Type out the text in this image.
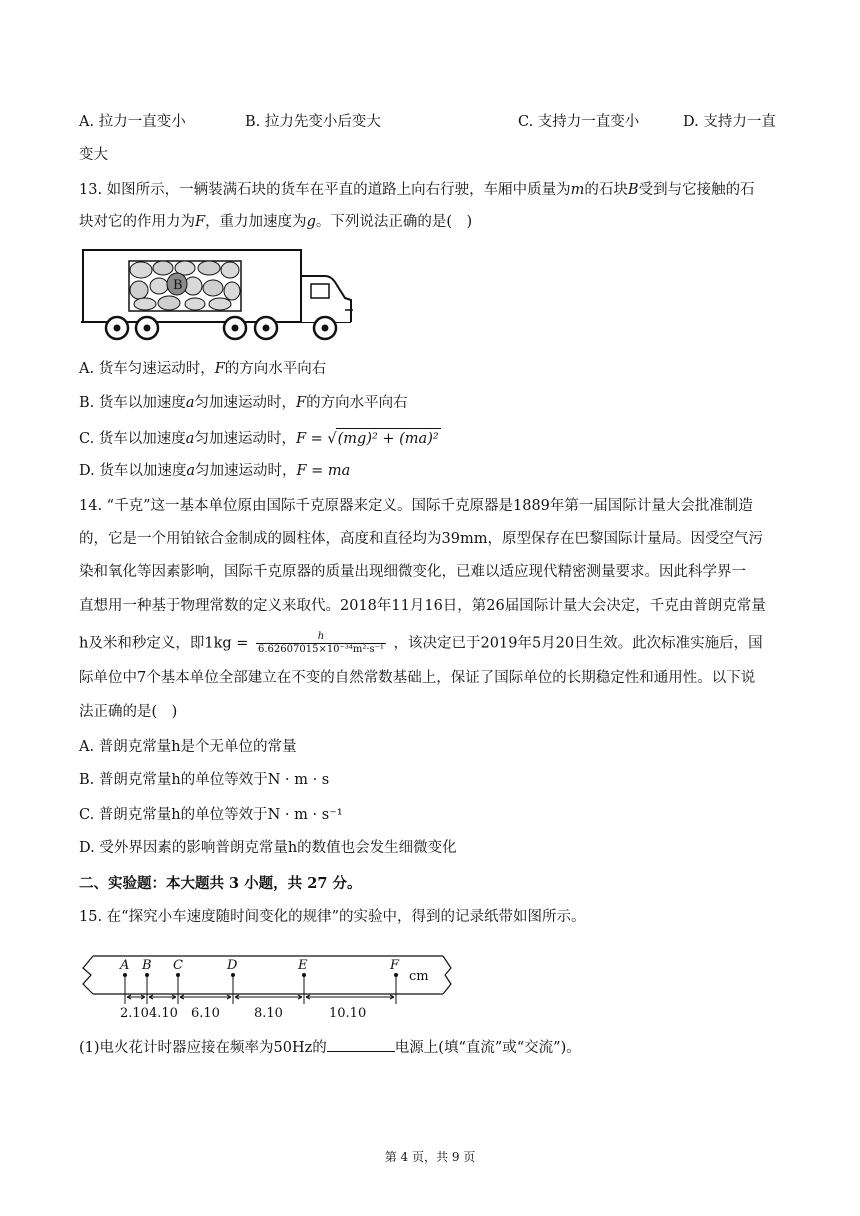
A. 拉力一直变小	B. 拉力先变小后变大	C. 支持力一直变小	D. 支持力一直
变大
13. 如图所示，一辆装满石块的货车在平直的道路上向右行驶，车厢中质量为m的石块B受到与它接触的石
块对它的作用力为F，重力加速度为g。下列说法正确的是(　)
B
A. 货车匀速运动时，F的方向水平向右
B. 货车以加速度a匀加速运动时，F的方向水平向右
C. 货车以加速度a匀加速运动时，F = √(mg)² + (ma)²
D. 货车以加速度a匀加速运动时，F = ma
14. “千克”这一基本单位原由国际千克原器来定义。国际千克原器是1889年第一届国际计量大会批准制造
的，它是一个用铂铱合金制成的圆柱体，高度和直径均为39mm，原型保存在巴黎国际计量局。因受空气污
染和氧化等因素影响，国际千克原器的质量出现细微变化，已难以适应现代精密测量要求。因此科学界一
直想用一种基于物理常数的定义来取代。2018年11月16日，第26届国际计量大会决定，千克由普朗克常量
h及米和秒定义，即$1kg = \frac{h}{\text{6.62607015×10⁻³⁴m²·s⁻¹}}$ ，该决定已于2019年5月20日生效。此次标准实施后，国
际单位中7个基本单位全部建立在不变的自然常数基础上，保证了国际单位的长期稳定性和通用性。以下说
法正确的是(　)
A. 普朗克常量h是个无单位的常量
B. 普朗克常量h的单位等效于N · m · s
C. 普朗克常量h的单位等效于N · m · s⁻¹
D. 受外界因素的影响普朗克常量h的数值也会发生细微变化
二、实验题：本大题共 3 小题，共 27 分。
15. 在“探究小车速度随时间变化的规律”的实验中，得到的记录纸带如图所示。
A B C	D	E	F
cm
2.10 4.10 6.10	8.10	10.10
(1)电火花计时器应接在频率为50Hz的	电源上(填“直流”或“交流”)。
第 4 页，共 9 页
